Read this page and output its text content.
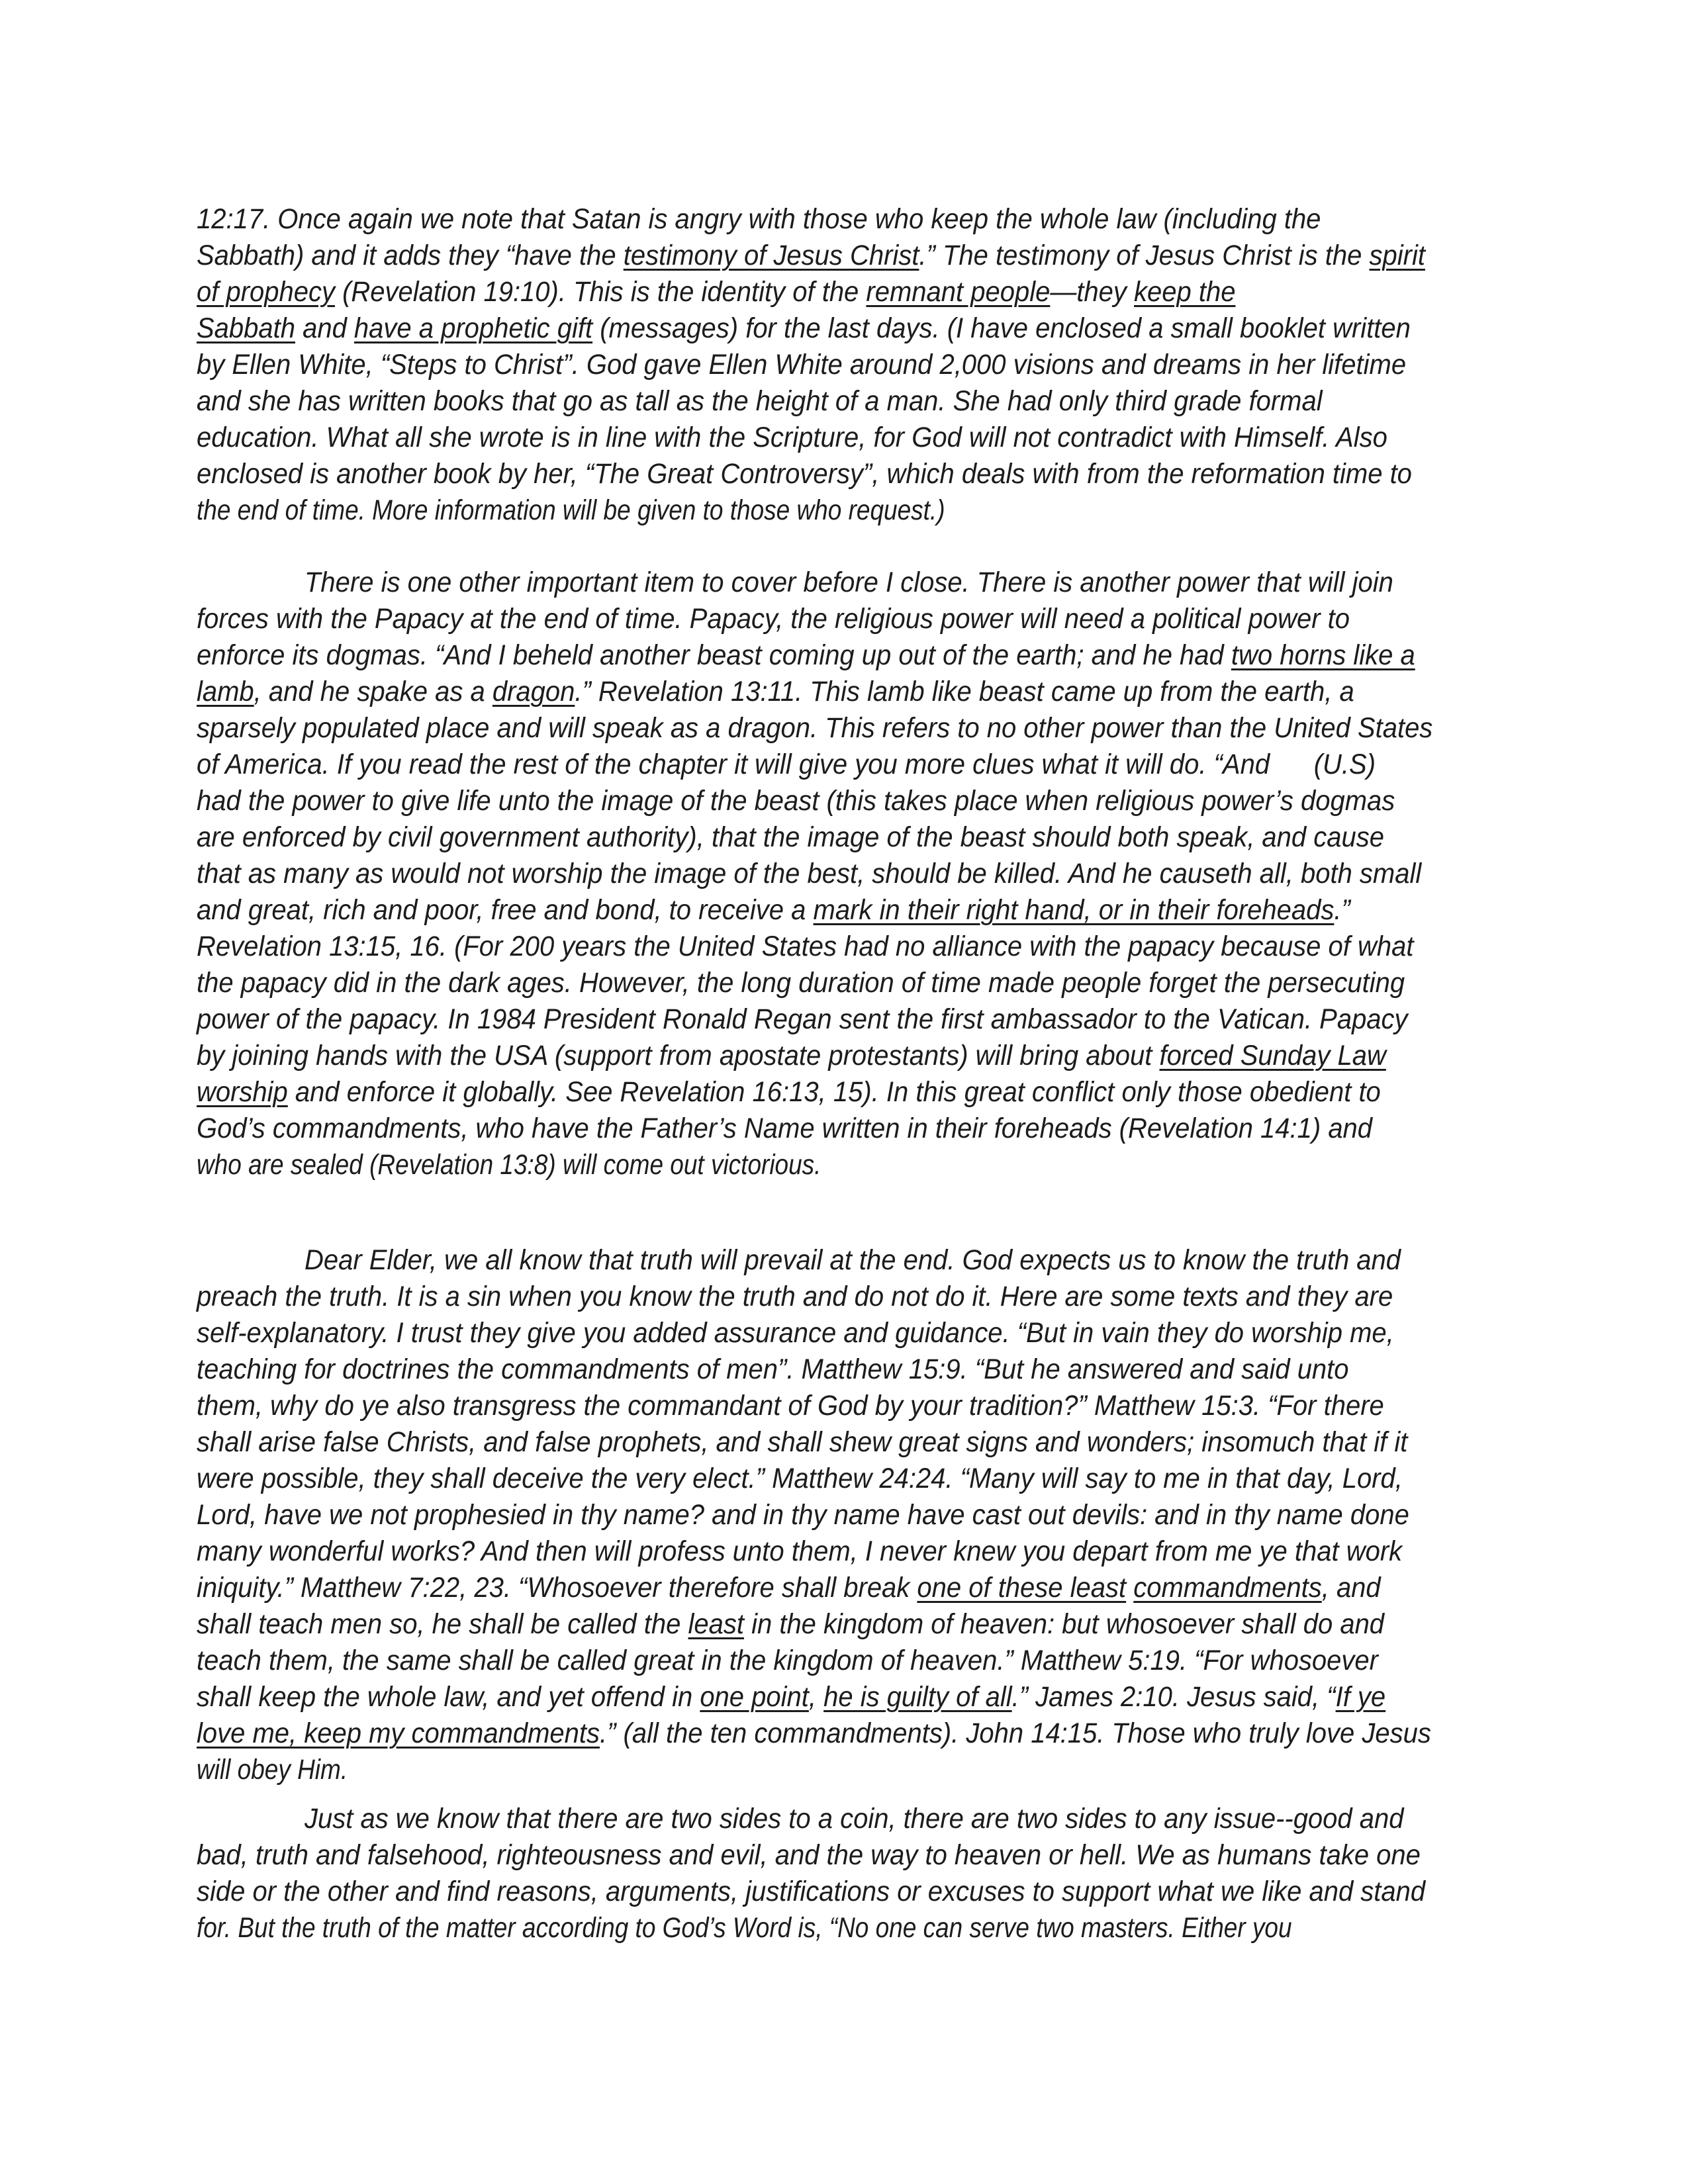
12:17. Once again we note that Satan is angry with those who keep the whole law (including the
Sabbath) and it adds they “have the testimony of Jesus Christ.” The testimony of Jesus Christ is the spirit
of prophecy (Revelation 19:10). This is the identity of the remnant people—they keep the
Sabbath and have a prophetic gift (messages) for the last days. (I have enclosed a small booklet written
by Ellen White, “Steps to Christ”. God gave Ellen White around 2,000 visions and dreams in her lifetime
and she has written books that go as tall as the height of a man. She had only third grade formal
education. What all she wrote is in line with the Scripture, for God will not contradict with Himself. Also
enclosed is another book by her, “The Great Controversy”, which deals with from the reformation time to
the end of time. More information will be given to those who request.)
There is one other important item to cover before I close. There is another power that will join
forces with the Papacy at the end of time. Papacy, the religious power will need a political power to
enforce its dogmas. “And I beheld another beast coming up out of the earth; and he had two horns like a
lamb, and he spake as a dragon.” Revelation 13:11. This lamb like beast came up from the earth, a
sparsely populated place and will speak as a dragon. This refers to no other power than the United States
of America. If you read the rest of the chapter it will give you more clues what it will do. “And      (U.S)
had the power to give life unto the image of the beast (this takes place when religious power’s dogmas
are enforced by civil government authority), that the image of the beast should both speak, and cause
that as many as would not worship the image of the best, should be killed. And he causeth all, both small
and great, rich and poor, free and bond, to receive a mark in their right hand, or in their foreheads.”
Revelation 13:15, 16. (For 200 years the United States had no alliance with the papacy because of what
the papacy did in the dark ages. However, the long duration of time made people forget the persecuting
power of the papacy. In 1984 President Ronald Regan sent the first ambassador to the Vatican. Papacy
by joining hands with the USA (support from apostate protestants) will bring about forced Sunday Law
worship and enforce it globally. See Revelation 16:13, 15). In this great conflict only those obedient to
God’s commandments, who have the Father’s Name written in their foreheads (Revelation 14:1) and
who are sealed (Revelation 13:8) will come out victorious.
Dear Elder, we all know that truth will prevail at the end. God expects us to know the truth and
preach the truth. It is a sin when you know the truth and do not do it. Here are some texts and they are
self-explanatory. I trust they give you added assurance and guidance. “But in vain they do worship me,
teaching for doctrines the commandments of men”. Matthew 15:9. “But he answered and said unto
them, why do ye also transgress the commandant of God by your tradition?” Matthew 15:3. “For there
shall arise false Christs, and false prophets, and shall shew great signs and wonders; insomuch that if it
were possible, they shall deceive the very elect.” Matthew 24:24. “Many will say to me in that day, Lord,
Lord, have we not prophesied in thy name? and in thy name have cast out devils: and in thy name done
many wonderful works? And then will profess unto them, I never knew you depart from me ye that work
iniquity.” Matthew 7:22, 23. “Whosoever therefore shall break one of these least commandments, and
shall teach men so, he shall be called the least in the kingdom of heaven: but whosoever shall do and
teach them, the same shall be called great in the kingdom of heaven.” Matthew 5:19. “For whosoever
shall keep the whole law, and yet offend in one point, he is guilty of all.” James 2:10. Jesus said, “If ye
love me, keep my commandments.” (all the ten commandments). John 14:15. Those who truly love Jesus
will obey Him.
Just as we know that there are two sides to a coin, there are two sides to any issue--good and
bad, truth and falsehood, righteousness and evil, and the way to heaven or hell. We as humans take one
side or the other and find reasons, arguments, justifications or excuses to support what we like and stand
for. But the truth of the matter according to God’s Word is, “No one can serve two masters. Either you
